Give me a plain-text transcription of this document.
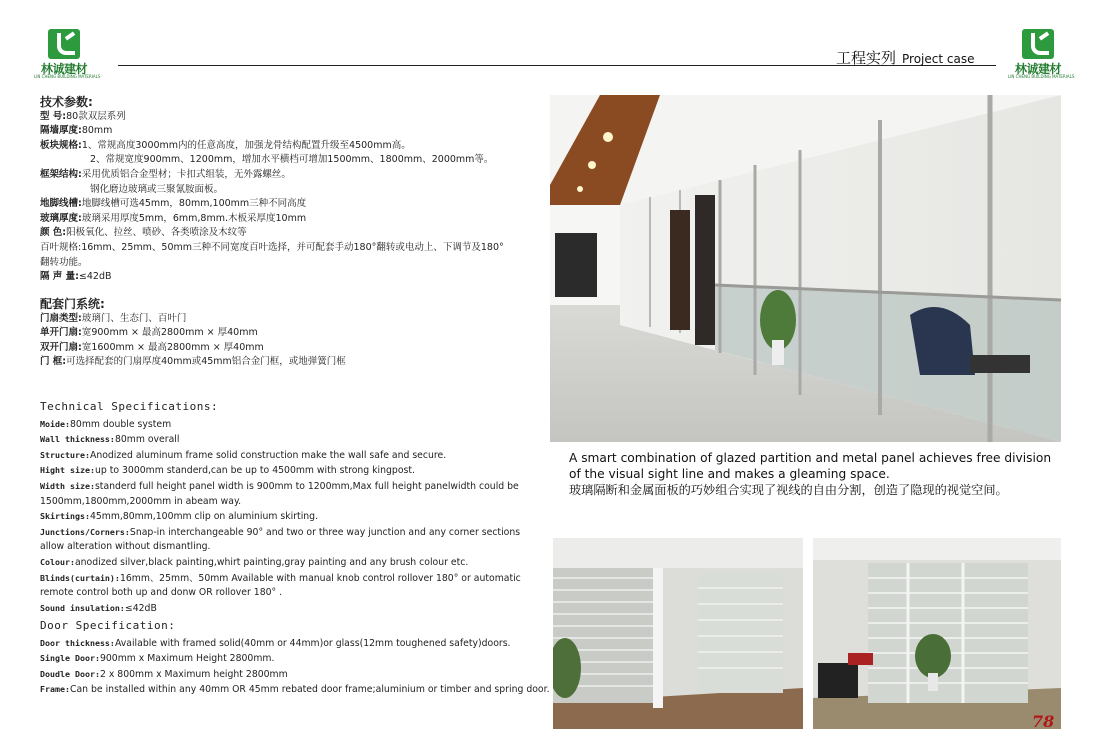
林诚建材
LIN CHENG BUILDING MATERIALS
工程实列 Project case
林诚建材
LIN CHENG BUILDING MATERIALS
技术参数:
型 号:80款双层系列
隔墙厚度:80mm
板块规格:1、常规高度3000mm内的任意高度，加强龙骨结构配置升级至4500mm高。
2、常规宽度900mm、1200mm，增加水平横档可增加1500mm、1800mm、2000mm等。
框架结构:采用优质铝合金型材；卡扣式组装，无外露螺丝。
钢化磨边玻璃或三聚氰胺面板。
地脚线槽:地脚线槽可选45mm，80mm,100mm三种不同高度
玻璃厚度:玻璃采用厚度5mm，6mm,8mm.木板采厚度10mm
颜 色:阳极氧化、拉丝、喷砂、各类喷涂及木纹等
百叶规格:16mm、25mm、50mm三种不同宽度百叶选择，并可配套手动180°翻转或电动上、下调节及180°
翻转功能。
隔 声 量:≤42dB
配套门系统:
门扇类型:玻璃门、生态门、百叶门
单开门扇:宽900mm × 最高2800mm × 厚40mm
双开门扇:宽1600mm × 最高2800mm × 厚40mm
门 框:可选择配套的门扇厚度40mm或45mm铝合金门框，或地弹簧门框
Technical Specifications:
Moide:80mm double system
Wall thickness:80mm overall
Structure:Anodized aluminum frame solid construction make the wall safe and secure.
Hight size:up to 3000mm standerd,can be up to 4500mm with strong kingpost.
Width size:standerd full height panel width is 900mm to 1200mm,Max full height panelwidth could be
1500mm,1800mm,2000mm in abeam way.
Skirtings:45mm,80mm,100mm clip on aluminium skirting.
Junctions/Corners:Snap-in interchangeable 90° and two or three way junction and any corner sections
allow alteration without dismantling.
Colour:anodized silver,black painting,whirt painting,gray painting and any brush colour etc.
Blinds(curtain):16mm、25mm、50mm Available with manual knob control rollover 180° or automatic
remote control both up and donw OR rollover 180° .
Sound insulation:≤42dB
Door Specification:
Door thickness:Available with framed solid(40mm or 44mm)or glass(12mm toughened safety)doors.
Single Door:900mm x Maximum Height 2800mm.
Doudle Door:2 x 800mm x Maximum height 2800mm
Frame:Can be installed within any 40mm OR 45mm rebated door frame;aluminium or timber and spring door.
A smart combination of glazed partition and metal panel achieves free division of the visual sight line and makes a gleaming space.
玻璃隔断和金属面板的巧妙组合实现了视线的自由分割，创造了隐现的视觉空间。
78
